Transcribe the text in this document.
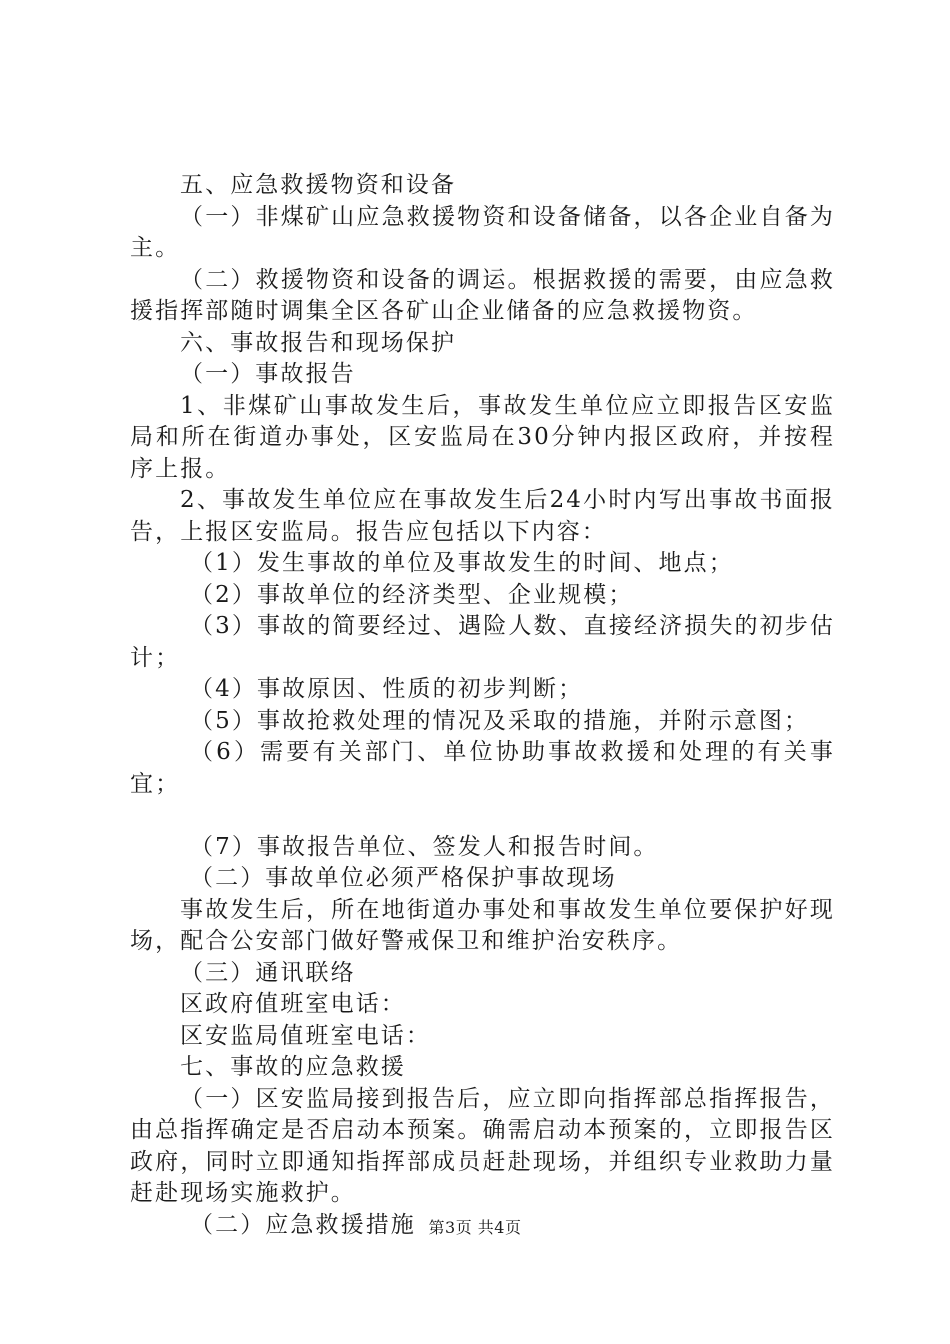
五、应急救援物资和设备

（一）非煤矿山应急救援物资和设备储备，以各企业自备为主。

（二）救援物资和设备的调运。根据救援的需要，由应急救援指挥部随时调集全区各矿山企业储备的应急救援物资。

六、事故报告和现场保护

（一）事故报告

1、非煤矿山事故发生后，事故发生单位应立即报告区安监局和所在街道办事处，区安监局在30分钟内报区政府，并按程序上报。

2、事故发生单位应在事故发生后24小时内写出事故书面报告，上报区安监局。报告应包括以下内容：

（1）发生事故的单位及事故发生的时间、地点；

（2）事故单位的经济类型、企业规模；

（3）事故的简要经过、遇险人数、直接经济损失的初步估计；

（4）事故原因、性质的初步判断；

（5）事故抢救处理的情况及采取的措施，并附示意图；

（6）需要有关部门、单位协助事故救援和处理的有关事宜；

（7）事故报告单位、签发人和报告时间。

（二）事故单位必须严格保护事故现场

事故发生后，所在地街道办事处和事故发生单位要保护好现场，配合公安部门做好警戒保卫和维护治安秩序。

（三）通讯联络

区政府值班室电话：

区安监局值班室电话：

七、事故的应急救援

（一）区安监局接到报告后，应立即向指挥部总指挥报告，由总指挥确定是否启动本预案。确需启动本预案的，立即报告区政府，同时立即通知指挥部成员赶赴现场，并组织专业救助力量赶赴现场实施救护。

（二）应急救援措施 第3页 共4页
